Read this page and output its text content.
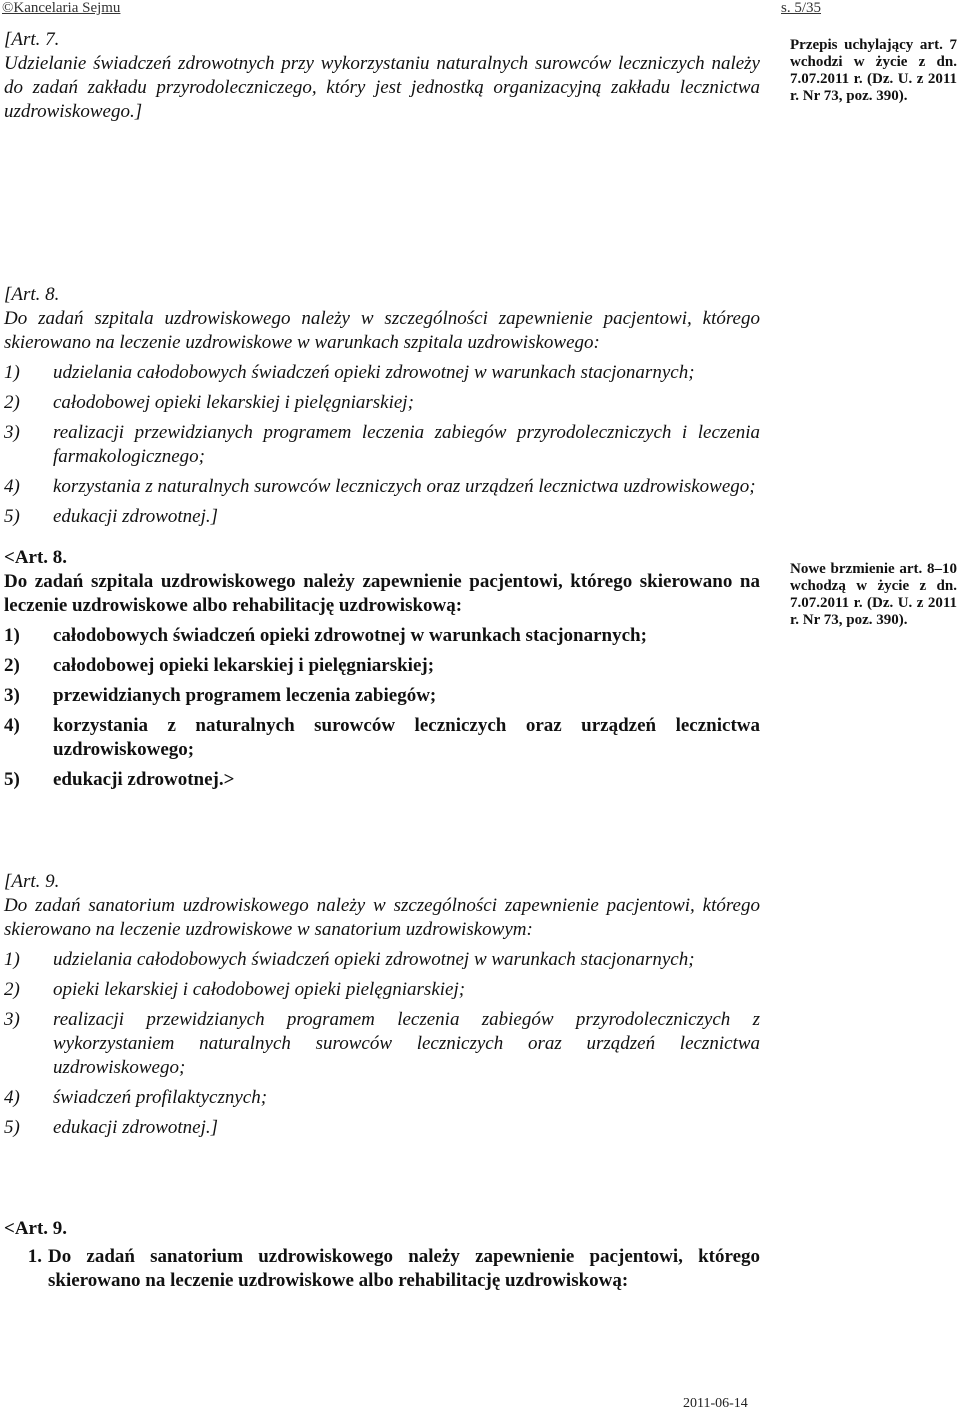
©Kancelaria Sejmu	s. 5/35

[Art. 7.

Udzielanie świadczeń zdrowotnych przy wykorzystaniu naturalnych surowców leczniczych należy do zadań zakładu przyrodoleczniczego, który jest jednostką organizacyjną zakładu lecznictwa uzdrowiskowego.]

Przepis uchylający art. 7 wchodzi w życie z dn. 7.07.2011 r. (Dz. U. z 2011 r. Nr 73, poz. 390).

[Art. 8.

Do zadań szpitala uzdrowiskowego należy w szczególności zapewnienie pacjentowi, którego skierowano na leczenie uzdrowiskowe w warunkach szpitala uzdrowiskowego:

1)	udzielania całodobowych świadczeń opieki zdrowotnej w warunkach stacjonarnych;
2)	całodobowej opieki lekarskiej i pielęgniarskiej;
3)	realizacji przewidzianych programem leczenia zabiegów przyrodoleczniczych i leczenia farmakologicznego;
4)	korzystania z naturalnych surowców leczniczych oraz urządzeń lecznictwa uzdrowiskowego;
5)	edukacji zdrowotnej.]

<Art. 8.

Do zadań szpitala uzdrowiskowego należy zapewnienie pacjentowi, którego skierowano na leczenie uzdrowiskowe albo rehabilitację uzdrowiskową:

1)	całodobowych świadczeń opieki zdrowotnej w warunkach stacjonarnych;
2)	całodobowej opieki lekarskiej i pielęgniarskiej;
3)	przewidzianych programem leczenia zabiegów;
4)	korzystania z naturalnych surowców leczniczych oraz urządzeń lecznictwa uzdrowiskowego;
5)	edukacji zdrowotnej.>
Nowe brzmienie art. 8–10 wchodzą w życie z dn. 7.07.2011 r. (Dz. U. z 2011 r. Nr 73, poz. 390).

[Art. 9.

Do zadań sanatorium uzdrowiskowego należy w szczególności zapewnienie pacjentowi, którego skierowano na leczenie uzdrowiskowe w sanatorium uzdrowiskowym:

1)	udzielania całodobowych świadczeń opieki zdrowotnej w warunkach stacjonarnych;
2)	opieki lekarskiej i całodobowej opieki pielęgniarskiej;
3)	realizacji przewidzianych programem leczenia zabiegów przyrodoleczniczych z wykorzystaniem naturalnych surowców leczniczych oraz urządzeń lecznictwa uzdrowiskowego;
4)	świadczeń profilaktycznych;
5)	edukacji zdrowotnej.]

<Art. 9.

1. Do zadań sanatorium uzdrowiskowego należy zapewnienie pacjentowi, którego skierowano na leczenie uzdrowiskowe albo rehabilitację uzdrowiskową:
2011-06-14
